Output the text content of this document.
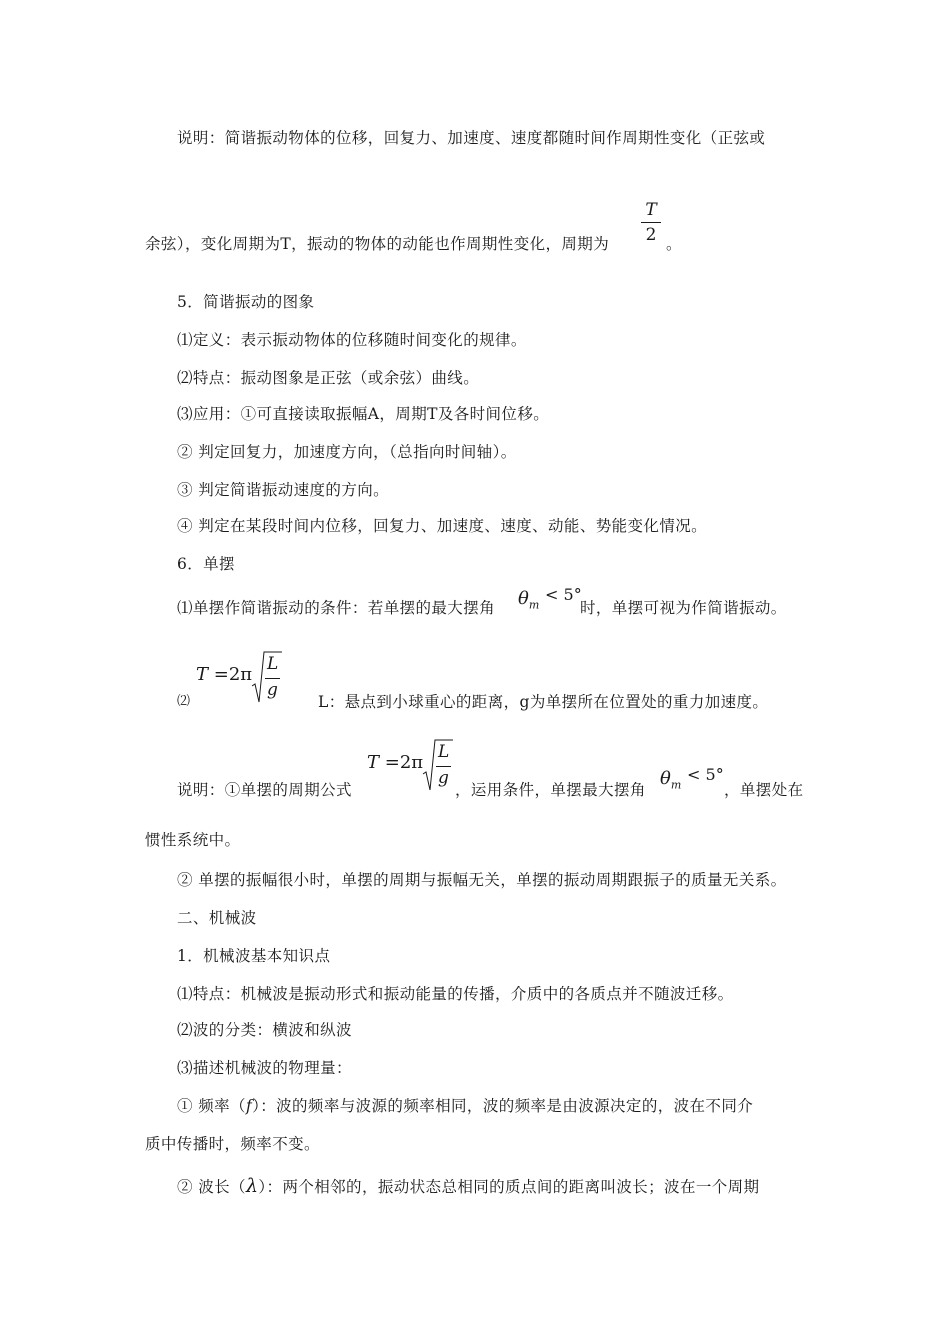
说明：简谐振动物体的位移，回复力、加速度、速度都随时间作周期性变化（正弦或
T
2
余弦），变化周期为T，振动的物体的动能也作周期性变化，周期为	。
5．简谐振动的图象
⑴定义：表示振动物体的位移随时间变化的规律。
⑵特点：振动图象是正弦（或余弦）曲线。
⑶应用：①可直接读取振幅A，周期T及各时间位移。
② 判定回复力，加速度方向，（总指向时间轴）。
③ 判定简谐振动速度的方向。
④ 判定在某段时间内位移，回复力、加速度、速度、动能、势能变化情况。
6．单摆
⑴单摆作简谐振动的条件：若单摆的最大摆角 $\theta_m < 5^\circ$
时，单摆可视为作简谐振动。
⑵
T =2π L
g
L：悬点到小球重心的距离，g为单摆所在位置处的重力加速度。
说明：①单摆的周期公式
T =2π L
g
，运用条件，单摆最大摆角
$\theta_m < 5^\circ$
，单摆处在
惯性系统中。
② 单摆的振幅很小时，单摆的周期与振幅无关，单摆的振动周期跟振子的质量无关系。
二、机械波
1．机械波基本知识点
⑴特点：机械波是振动形式和振动能量的传播，介质中的各质点并不随波迁移。
⑵波的分类：横波和纵波
⑶描述机械波的物理量：
① 频率（f）：波的频率与波源的频率相同，波的频率是由波源决定的，波在不同介
质中传播时，频率不变。
② 波长（λ）：两个相邻的，振动状态总相同的质点间的距离叫波长；波在一个周期
